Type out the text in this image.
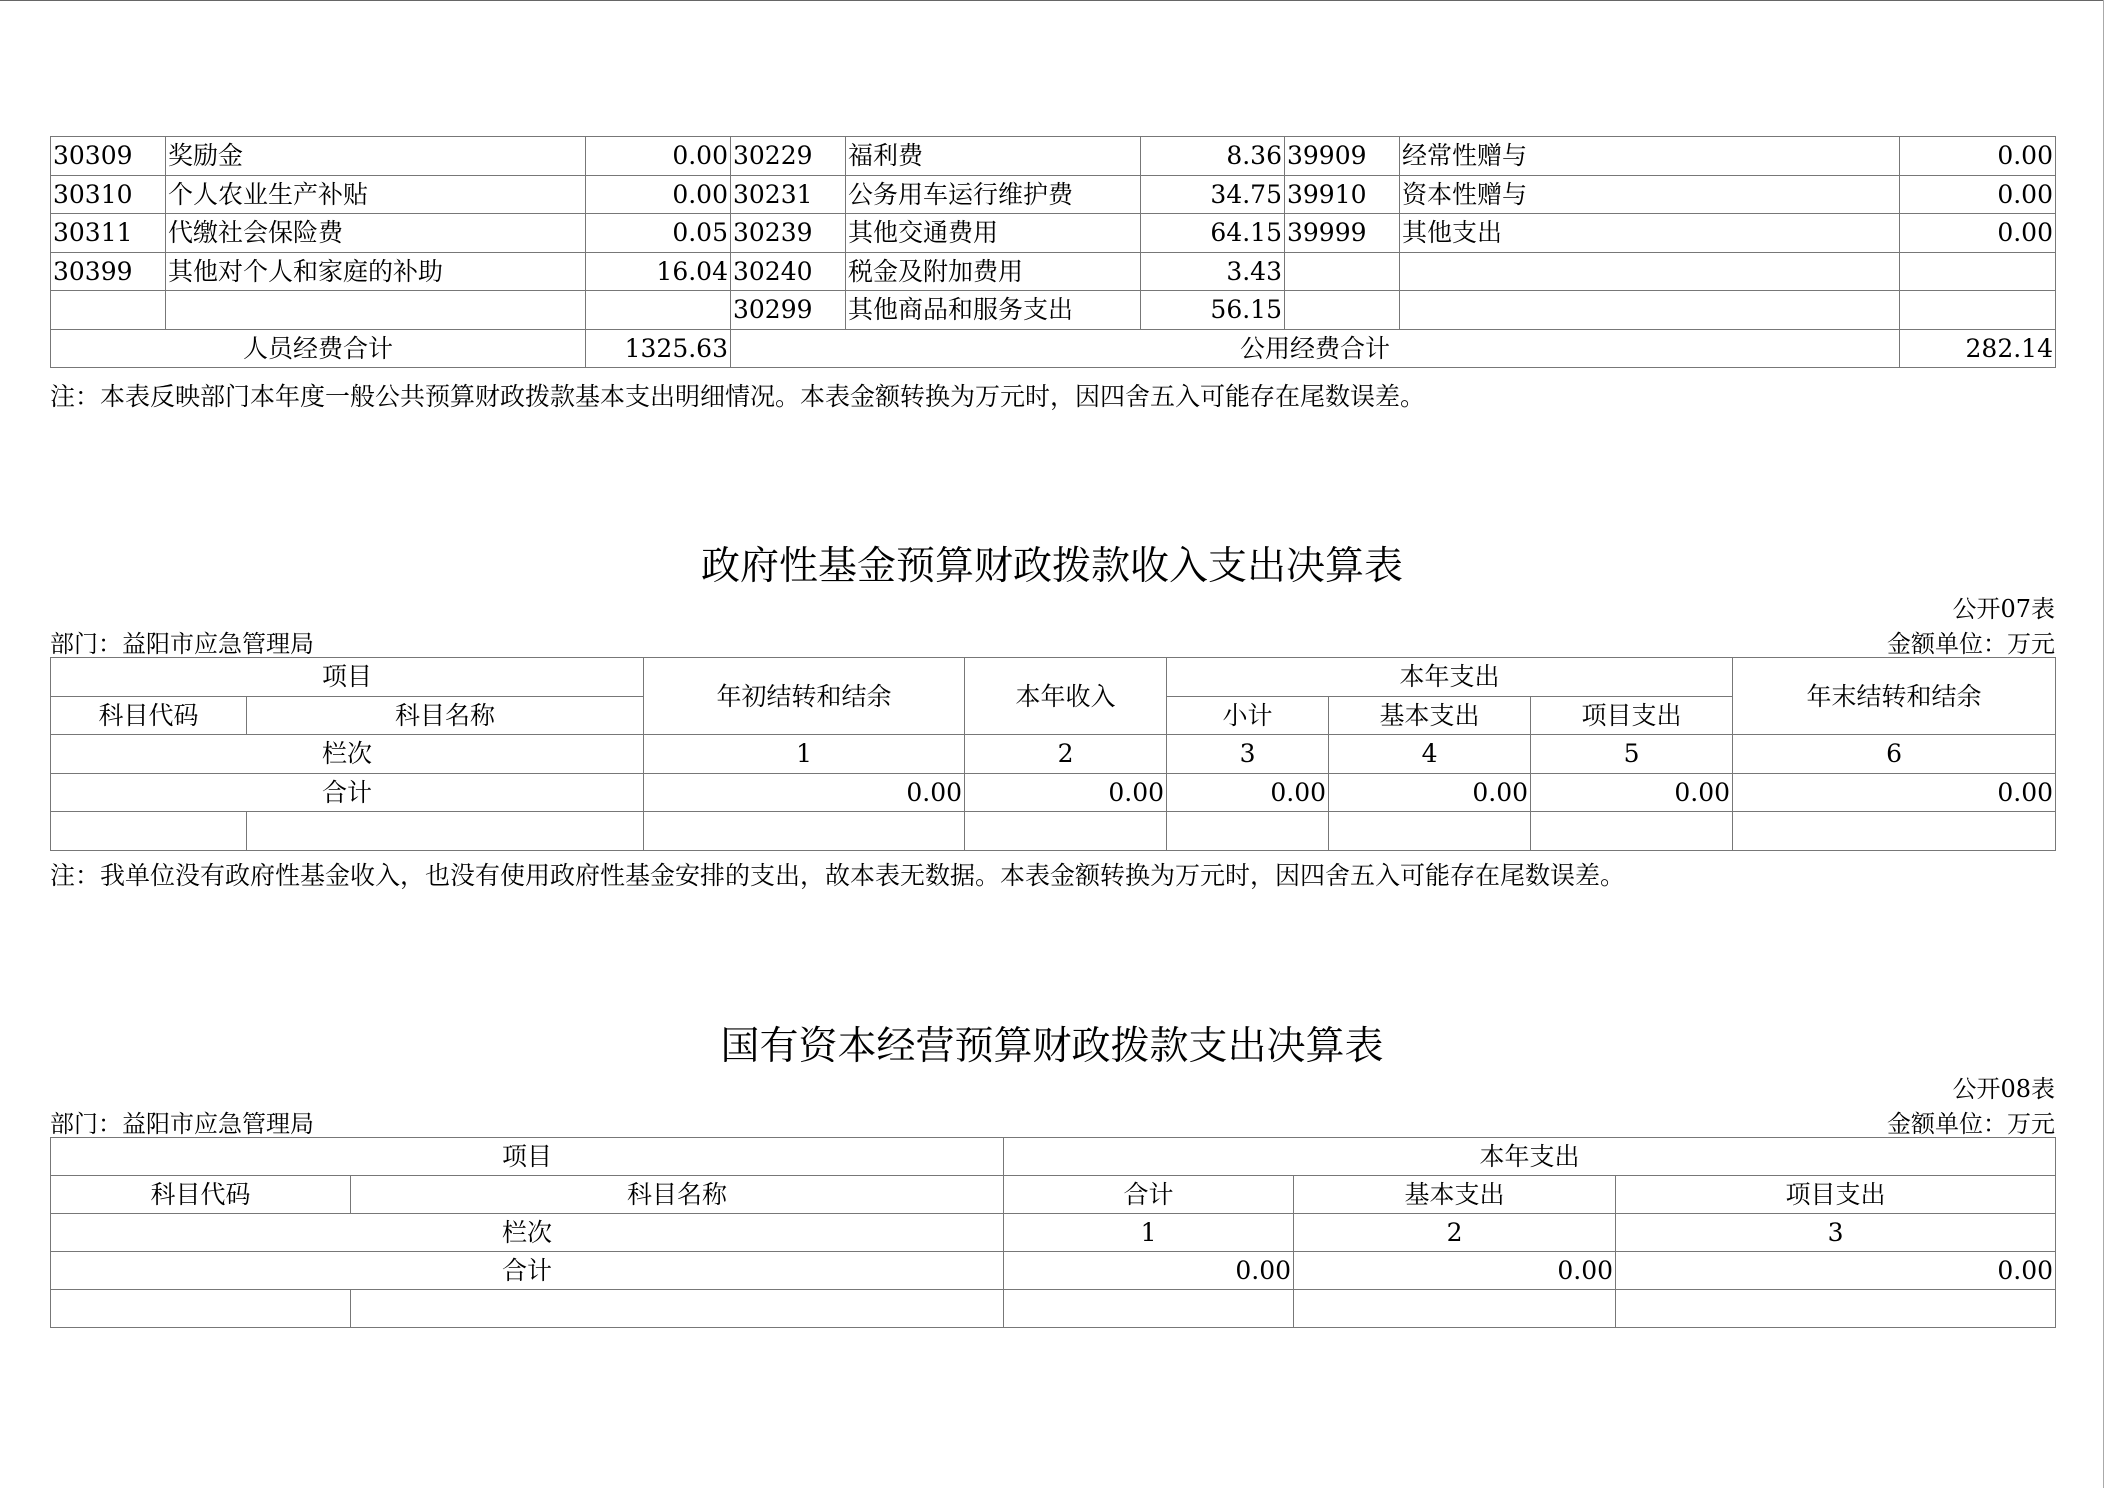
30309	奖励金	0.00	30229	福利费	8.36	39909	经常性赠与	0.00
30310	个人农业生产补贴	0.00	30231	公务用车运行维护费	34.75	39910	资本性赠与	0.00
30311	代缴社会保险费	0.05	30239	其他交通费用	64.15	39999	其他支出	0.00
30399	其他对个人和家庭的补助	16.04	30240	税金及附加费用	3.43			
			30299	其他商品和服务支出	56.15			
人员经费合计		1325.63	公用经费合计					282.14
注：本表反映部门本年度一般公共预算财政拨款基本支出明细情况。本表金额转换为万元时，因四舍五入可能存在尾数误差。
政府性基金预算财政拨款收入支出决算表
公开07表
部门：益阳市应急管理局	金额单位：万元
项目		年初结转和结余	本年收入	本年支出			年末结转和结余
科目代码	科目名称			小计	基本支出	项目支出	
栏次		1	2	3	4	5	6
合计		0.00	0.00	0.00	0.00	0.00	0.00

注：我单位没有政府性基金收入，也没有使用政府性基金安排的支出，故本表无数据。本表金额转换为万元时，因四舍五入可能存在尾数误差。
国有资本经营预算财政拨款支出决算表
公开08表
部门：益阳市应急管理局	金额单位：万元
项目		本年支出		
科目代码	科目名称	合计	基本支出	项目支出
栏次		1	2	3
合计		0.00	0.00	0.00
